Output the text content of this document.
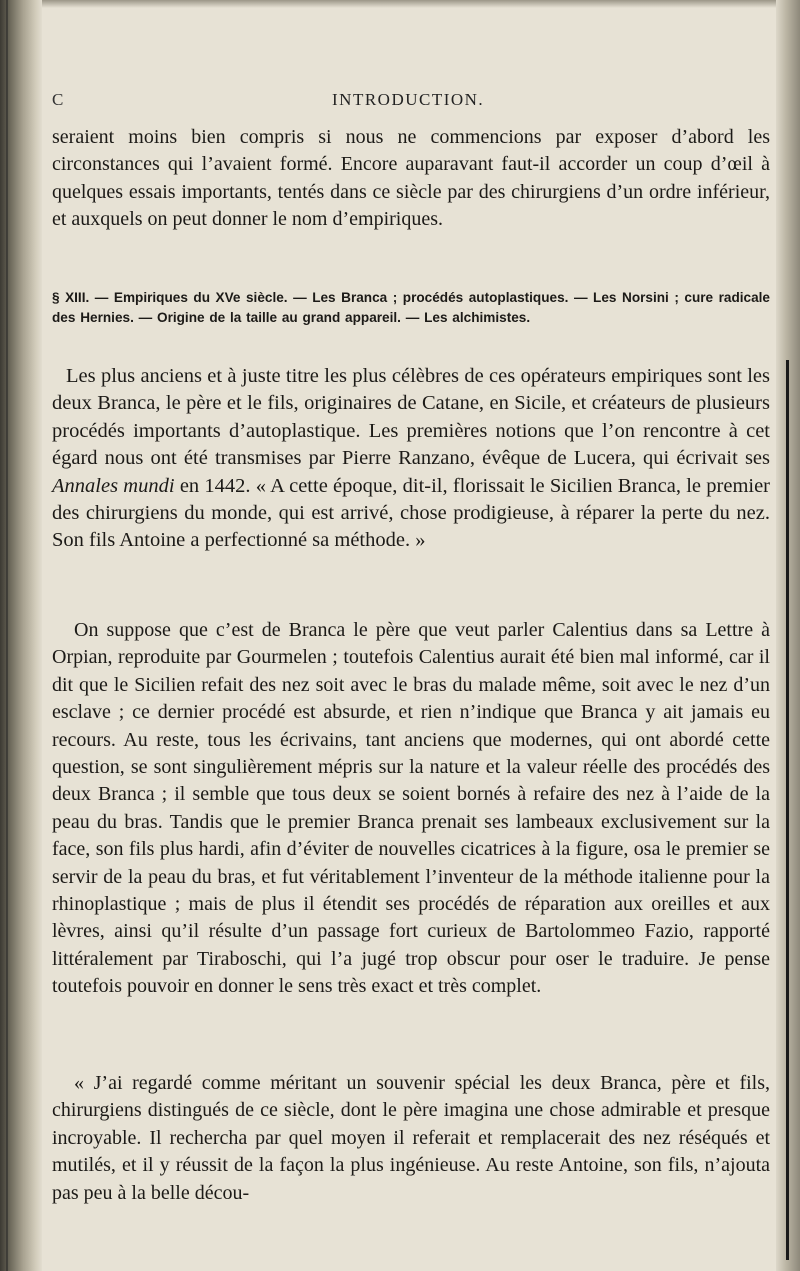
C	INTRODUCTION.

seraient moins bien compris si nous ne commencions par exposer d’abord les circonstances qui l’avaient formé. Encore auparavant faut-il accorder un coup d’œil à quelques essais importants, tentés dans ce siècle par des chirurgiens d’un ordre inférieur, et auxquels on peut donner le nom d’empiriques.

§ XIII. — Empiriques du XVe siècle. — Les Branca ; procédés autoplastiques. — Les Norsini ; cure radicale des Hernies. — Origine de la taille au grand appareil. — Les alchimistes.

Les plus anciens et à juste titre les plus célèbres de ces opérateurs empiriques sont les deux Branca, le père et le fils, originaires de Catane, en Sicile, et créateurs de plusieurs procédés importants d’autoplastique. Les premières notions que l’on rencontre à cet égard nous ont été transmises par Pierre Ranzano, évêque de Lucera, qui écrivait ses Annales mundi en 1442. « A cette époque, dit-il, florissait le Sicilien Branca, le premier des chirurgiens du monde, qui est arrivé, chose prodigieuse, à réparer la perte du nez. Son fils Antoine a perfectionné sa méthode. »

On suppose que c’est de Branca le père que veut parler Calentius dans sa Lettre à Orpian, reproduite par Gourmelen ; toutefois Calentius aurait été bien mal informé, car il dit que le Sicilien refait des nez soit avec le bras du malade même, soit avec le nez d’un esclave ; ce dernier procédé est absurde, et rien n’indique que Branca y ait jamais eu recours. Au reste, tous les écrivains, tant anciens que modernes, qui ont abordé cette question, se sont singulièrement mépris sur la nature et la valeur réelle des procédés des deux Branca ; il semble que tous deux se soient bornés à refaire des nez à l’aide de la peau du bras. Tandis que le premier Branca prenait ses lambeaux exclusivement sur la face, son fils plus hardi, afin d’éviter de nouvelles cicatrices à la figure, osa le premier se servir de la peau du bras, et fut véritablement l’inventeur de la méthode italienne pour la rhinoplastique ; mais de plus il étendit ses procédés de réparation aux oreilles et aux lèvres, ainsi qu’il résulte d’un passage fort curieux de Bartolommeo Fazio, rapporté littéralement par Tiraboschi, qui l’a jugé trop obscur pour oser le traduire. Je pense toutefois pouvoir en donner le sens très exact et très complet.

« J’ai regardé comme méritant un souvenir spécial les deux Branca, père et fils, chirurgiens distingués de ce siècle, dont le père imagina une chose admirable et presque incroyable. Il rechercha par quel moyen il referait et remplacerait des nez réséqués et mutilés, et il y réussit de la façon la plus ingénieuse. Au reste Antoine, son fils, n’ajouta pas peu à la belle décou-
